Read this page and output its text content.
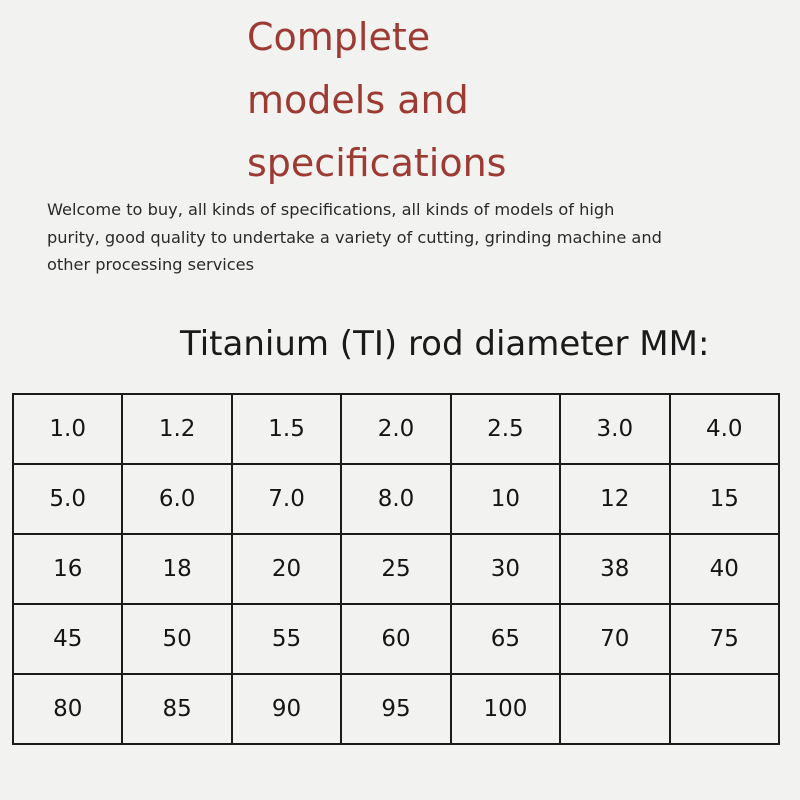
Complete
models and
specifications

Welcome to buy, all kinds of specifications, all kinds of models of high
purity, good quality to undertake a variety of cutting, grinding machine and
other processing services

Titanium (TI) rod diameter MM:
1.0	1.2	1.5	2.0	2.5	3.0	4.0
5.0	6.0	7.0	8.0	10	12	15
16	18	20	25	30	38	40
45	50	55	60	65	70	75
80	85	90	95	100		
